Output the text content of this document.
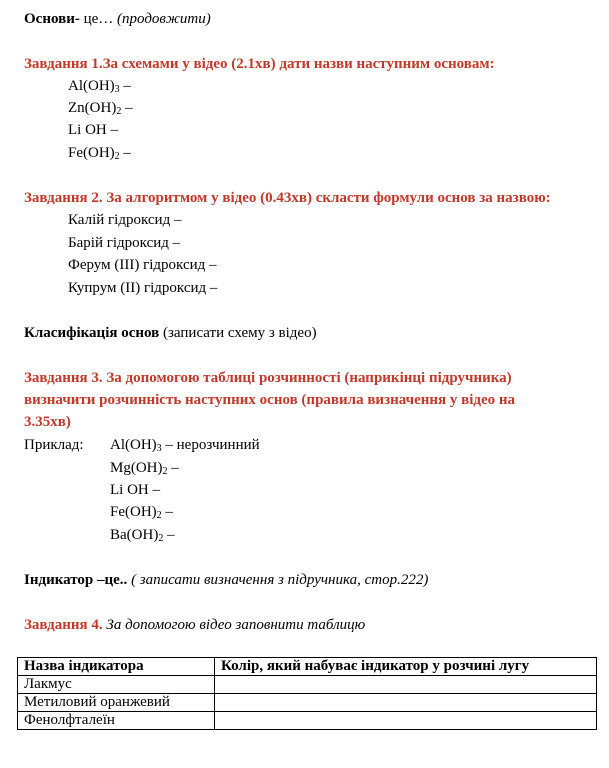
Основи- це… (продовжити)
Завдання 1.За схемами у відео (2.1хв) дати назви наступним основам:
$Al(OH)_3$ –
$Zn(OH)_2$ –
Li OH –
$Fe(OH)_2$ –
Завдання 2. За алгоритмом у відео (0.43хв) скласти формули основ за назвою:
Калій гідроксид –
Барій гідроксид –
Ферум (ІІІ) гідроксид –
Купрум (ІІ) гідроксид –
Класифікація основ (записати схему з відео)
Завдання 3. За допомогою таблиці розчинності (наприкінці підручника)
визначити розчинність наступних основ (правила визначення у відео на
3.35хв)
Приклад: $Al(OH)_3$ – нерозчинний
$Mg(OH)_2$ –
Li OH –
$Fe(OH)_2$ –
$Ba(OH)_2$ –
Індикатор –це.. ( записати визначення з підручника, стор.222)
Завдання 4. За допомогою відео заповнити таблицю
Назва індикатора	Колір, який набуває індикатор у розчині лугу
Лакмус	
Метиловий оранжевий	
Фенолфталеїн	
